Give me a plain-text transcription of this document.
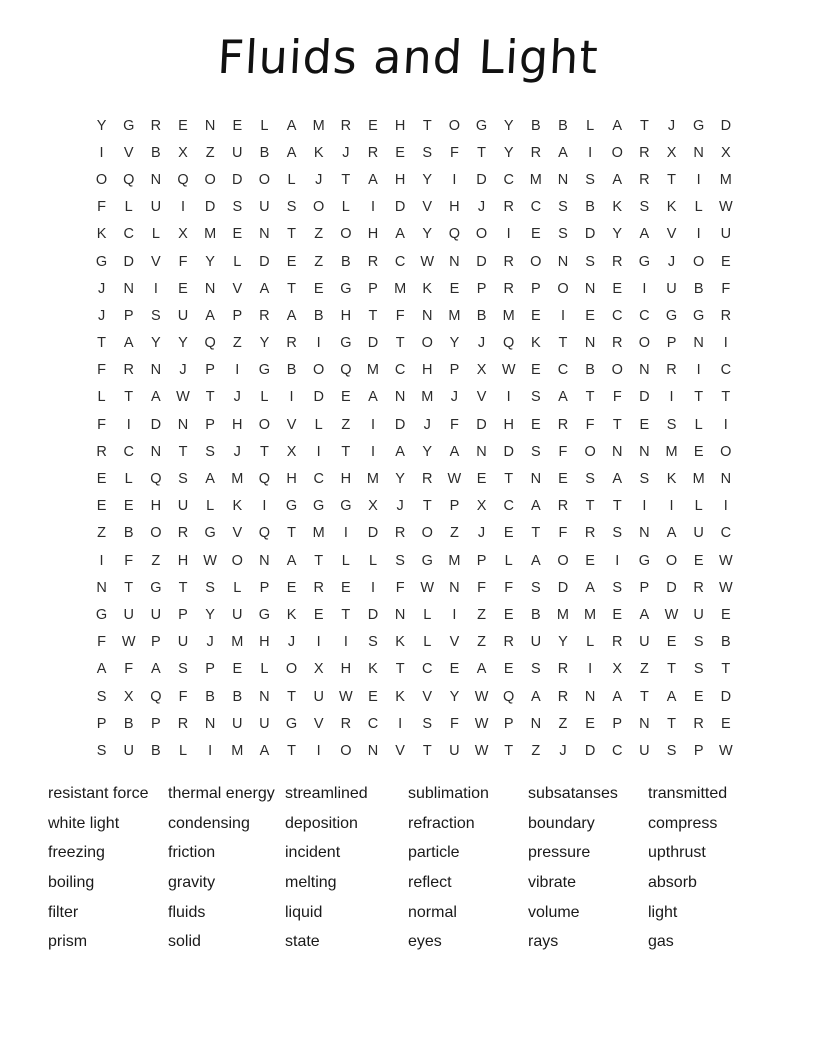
Fluids and Light
Y	G	R	E	N	E	L	A	M	R	E	H	T	O	G	Y	B	B	L	A	T	J	G	D
I	V	B	X	Z	U	B	A	K	J	R	E	S	F	T	Y	R	A	I	O	R	X	N	X
O	Q	N	Q	O	D	O	L	J	T	A	H	Y	I	D	C	M	N	S	A	R	T	I	M
F	L	U	I	D	S	U	S	O	L	I	D	V	H	J	R	C	S	B	K	S	K	L	W
K	C	L	X	M	E	N	T	Z	O	H	A	Y	Q	O	I	E	S	D	Y	A	V	I	U
G	D	V	F	Y	L	D	E	Z	B	R	C	W	N	D	R	O	N	S	R	G	J	O	E
J	N	I	E	N	V	A	T	E	G	P	M	K	E	P	R	P	O	N	E	I	U	B	F
J	P	S	U	A	P	R	A	B	H	T	F	N	M	B	M	E	I	E	C	C	G	G	R
T	A	Y	Y	Q	Z	Y	R	I	G	D	T	O	Y	J	Q	K	T	N	R	O	P	N	I
F	R	N	J	P	I	G	B	O	Q	M	C	H	P	X	W	E	C	B	O	N	R	I	C
L	T	A	W	T	J	L	I	D	E	A	N	M	J	V	I	S	A	T	F	D	I	T	T
F	I	D	N	P	H	O	V	L	Z	I	D	J	F	D	H	E	R	F	T	E	S	L	I
R	C	N	T	S	J	T	X	I	T	I	A	Y	A	N	D	S	F	O	N	N	M	E	O
E	L	Q	S	A	M	Q	H	C	H	M	Y	R	W	E	T	N	E	S	A	S	K	M	N
E	E	H	U	L	K	I	G	G	G	X	J	T	P	X	C	A	R	T	T	I	I	L	I
Z	B	O	R	G	V	Q	T	M	I	D	R	O	Z	J	E	T	F	R	S	N	A	U	C
I	F	Z	H	W	O	N	A	T	L	L	S	G	M	P	L	A	O	E	I	G	O	E	W
N	T	G	T	S	L	P	E	R	E	I	F	W	N	F	F	S	D	A	S	P	D	R	W
G	U	U	P	Y	U	G	K	E	T	D	N	L	I	Z	E	B	M	M	E	A	W	U	E
F	W	P	U	J	M	H	J	I	I	S	K	L	V	Z	R	U	Y	L	R	U	E	S	B
A	F	A	S	P	E	L	O	X	H	K	T	C	E	A	E	S	R	I	X	Z	T	S	T
S	X	Q	F	B	B	N	T	U	W	E	K	V	Y	W	Q	A	R	N	A	T	A	E	D
P	B	P	R	N	U	U	G	V	R	C	I	S	F	W	P	N	Z	E	P	N	T	R	E
S	U	B	L	I	M	A	T	I	O	N	V	T	U	W	T	Z	J	D	C	U	S	P	W
resistant force
white light
freezing
boiling
filter
prism
thermal energy
condensing
friction
gravity
fluids
solid
streamlined
deposition
incident
melting
liquid
state
sublimation
refraction
particle
reflect
normal
eyes
subsatanses
boundary
pressure
vibrate
volume
rays
transmitted
compress
upthrust
absorb
light
gas
